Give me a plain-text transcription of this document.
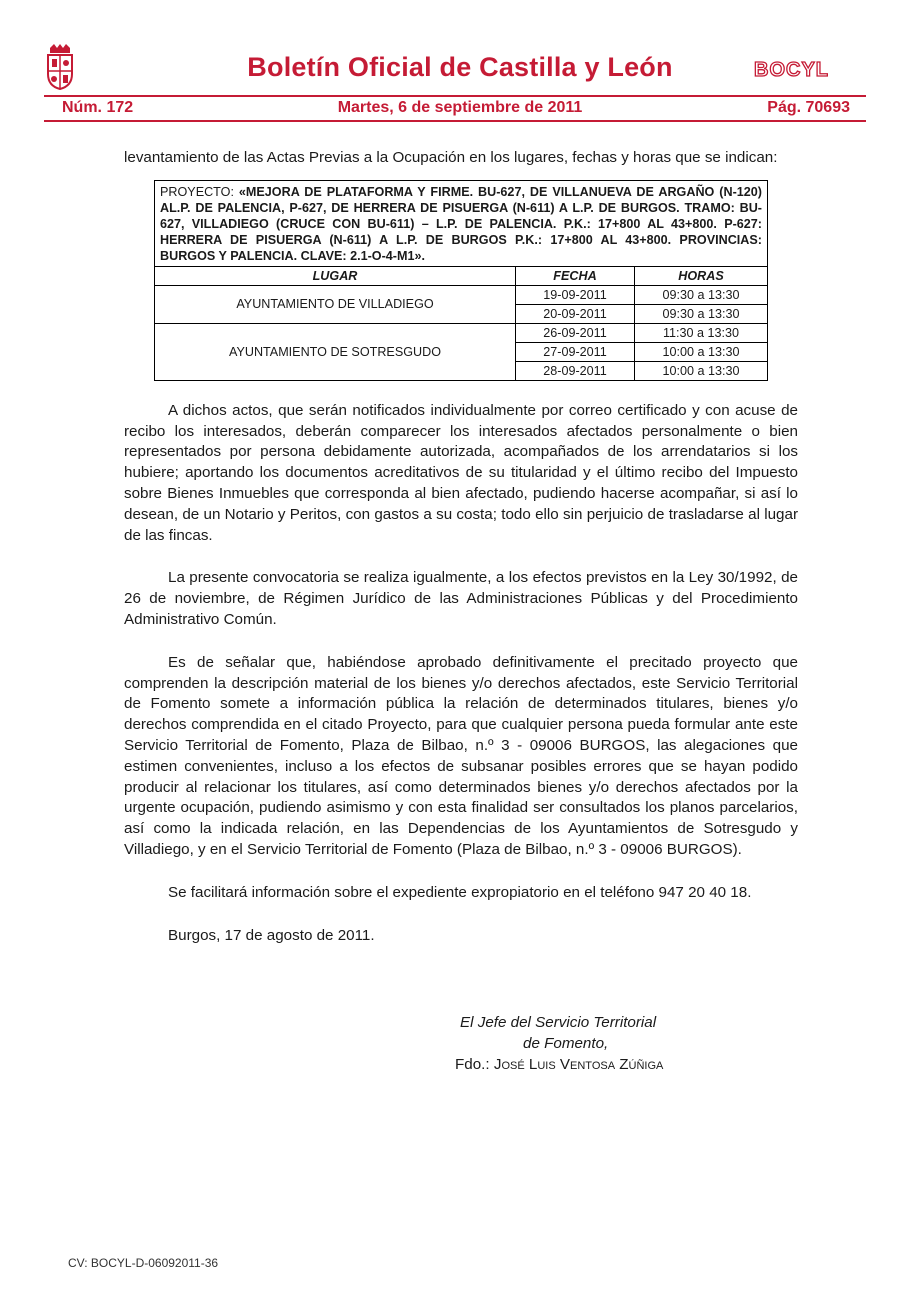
Boletín Oficial de Castilla y León	BOCYL
Núm. 172	Martes, 6 de septiembre de 2011	Pág. 70693

levantamiento de las Actas Previas a la Ocupación en los lugares, fechas y horas que se indican:

PROYECTO: «MEJORA DE PLATAFORMA Y FIRME. BU-627, DE VILLANUEVA DE ARGAÑO (N-120) AL.P. DE PALENCIA, P-627, DE HERRERA DE PISUERGA (N-611) A L.P. DE BURGOS. TRAMO: BU-627, VILLADIEGO (CRUCE CON BU-611) – L.P. DE PALENCIA. P.K.: 17+800 AL 43+800. P-627: HERRERA DE PISUERGA (N-611) A L.P. DE BURGOS P.K.: 17+800 AL 43+800. PROVINCIAS: BURGOS Y PALENCIA. CLAVE: 2.1-O-4-M1».		
LUGAR	FECHA	HORAS
AYUNTAMIENTO DE VILLADIEGO	19-09-2011	09:30 a 13:30
	20-09-2011	09:30 a 13:30
AYUNTAMIENTO DE SOTRESGUDO	26-09-2011	11:30 a 13:30
	27-09-2011	10:00 a 13:30
	28-09-2011	10:00 a 13:30

A dichos actos, que serán notificados individualmente por correo certificado y con acuse de recibo los interesados, deberán comparecer los interesados afectados personalmente o bien representados por persona debidamente autorizada, acompañados de los arrendatarios si los hubiere; aportando los documentos acreditativos de su titularidad y el último recibo del Impuesto sobre Bienes Inmuebles que corresponda al bien afectado, pudiendo hacerse acompañar, si así lo desean, de un Notario y Peritos, con gastos a su costa; todo ello sin perjuicio de trasladarse al lugar de las fincas.

La presente convocatoria se realiza igualmente, a los efectos previstos en la Ley 30/1992, de 26 de noviembre, de Régimen Jurídico de las Administraciones Públicas y del Procedimiento Administrativo Común.

Es de señalar que, habiéndose aprobado definitivamente el precitado proyecto que comprenden la descripción material de los bienes y/o derechos afectados, este Servicio Territorial de Fomento somete a información pública la relación de determinados titulares, bienes y/o derechos comprendida en el citado Proyecto, para que cualquier persona pueda formular ante este Servicio Territorial de Fomento, Plaza de Bilbao, n.º 3 - 09006 BURGOS, las alegaciones que estimen convenientes, incluso a los efectos de subsanar posibles errores que se hayan podido producir al relacionar los titulares, así como determinados bienes y/o derechos afectados por la urgente ocupación, pudiendo asimismo y con esta finalidad ser consultados los planos parcelarios, así como la indicada relación, en las Dependencias de los Ayuntamientos de Sotresgudo y Villadiego, y en el Servicio Territorial de Fomento (Plaza de Bilbao, n.º 3 - 09006 BURGOS).

Se facilitará información sobre el expediente expropiatorio en el teléfono 947 20 40 18.

Burgos, 17 de agosto de 2011.

El Jefe del Servicio Territorial
de Fomento,
Fdo.: José Luis Ventosa Zúñiga
CV: BOCYL-D-06092011-36
